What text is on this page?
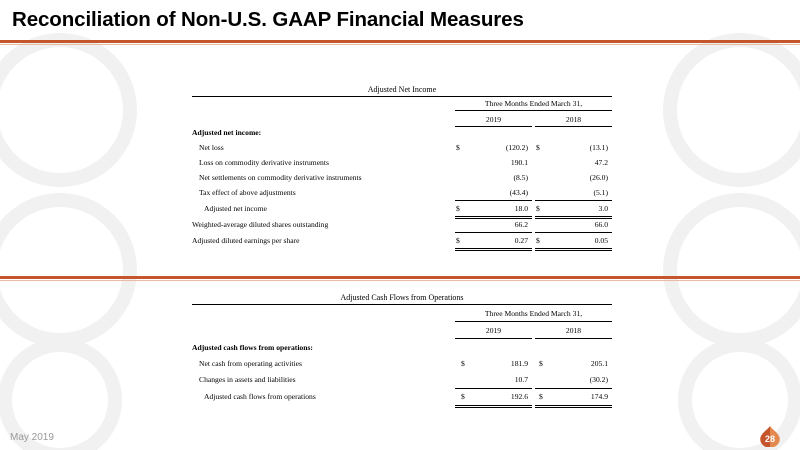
Reconciliation of Non-U.S. GAAP Financial Measures
Adjusted Net Income
Three Months Ended March 31,
2019	2018
Adjusted net income:
Net loss	$	(120.2) $	(13.1)
Loss on commodity derivative instruments	190.1	47.2
Net settlements on commodity derivative instruments	(8.5)	(26.0)
Tax effect of above adjustments	(43.4)	(5.1)
Adjusted net income	$	18.0 $	3.0
Weighted-average diluted shares outstanding	66.2	66.0
Adjusted diluted earnings per share	$	0.27 $	0.05
Adjusted Cash Flows from Operations
Three Months Ended March 31,
2019	2018
Adjusted cash flows from operations:
Net cash from operating activities	$	181.9 $	205.1
Changes in assets and liabilities	10.7	(30.2)
Adjusted cash flows from operations	$	192.6 $	174.9
May 2019	28
